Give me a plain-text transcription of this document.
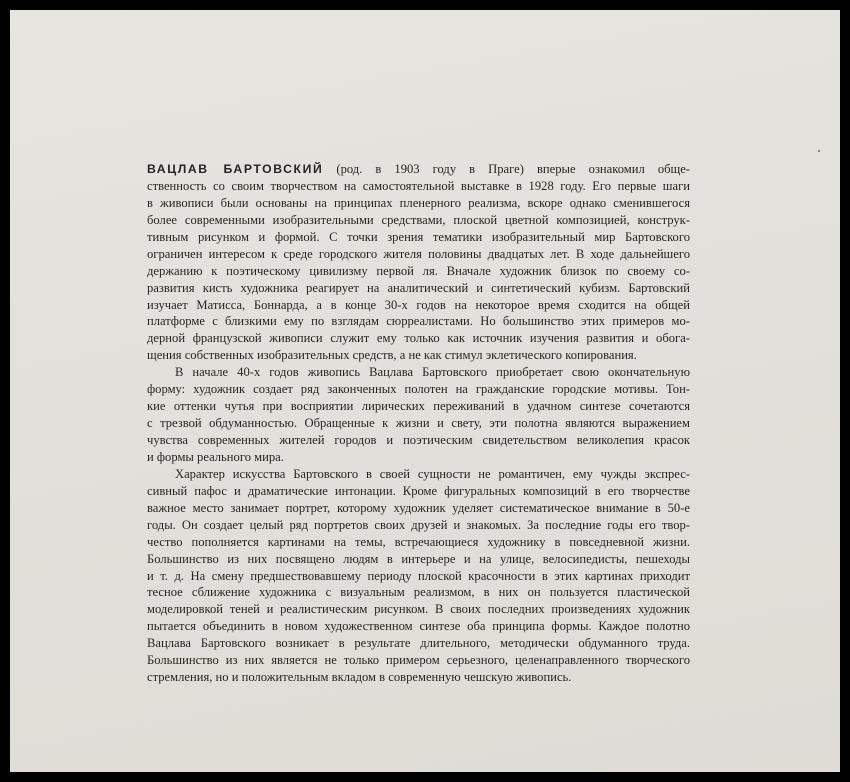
ВАЦЛАВ БАРТОВСКИЙ (род. в 1903 году в Праге) вперые ознакомил обще-
ственность со своим творчеством на самостоятельной выставке в 1928 году. Его первые шаги
в живописи были основаны на принципах пленерного реализма, вскоре однако сменившегося
более современными изобразительными средствами, плоской цветной композицией, конструк-
тивным рисунком и формой. С точки зрения тематики изобразительный мир Бартовского
ограничен интересом к среде городского жителя половины двадцатых лет. В ходе дальнейшего
держанию к поэтическому цивилизму первой ля. Вначале художник близок по своему со-
развития кисть художника реагирует на аналитический и синтетический кубизм. Бартовский
изучает Матисса, Боннарда, а в конце 30-х годов на некоторое время сходится на общей
платформе с близкими ему по взглядам сюрреалистами. Но большинство этих примеров мо-
дерной французской живописи служит ему только как источник изучения развития и обога-
щения собственных изобразительных средств, а не как стимул эклетического копирования.
В начале 40-х годов живопись Вацлава Бартовского приобретает свою окончательную
форму: художник создает ряд законченных полотен на гражданские городские мотивы. Тон-
кие оттенки чутья при восприятии лирических переживаний в удачном синтезе сочетаются
с трезвой обдуманностью. Обращенные к жизни и свету, эти полотна являются выражением
чувства современных жителей городов и поэтическим свидетельством великолепия красок
и формы реального мира.
Характер искусства Бартовского в своей сущности не романтичен, ему чужды экспрес-
сивный пафос и драматические интонации. Кроме фигуральных композиций в его творчестве
важное место занимает портрет, которому художник уделяет систематическое внимание в 50-е
годы. Он создает целый ряд портретов своих друзей и знакомых. За последние годы его твор-
чество пополняется картинами на темы, встречающиеся художнику в повседневной жизни.
Большинство из них посвящено людям в интерьере и на улице, велосипедисты, пешеходы
и т. д. На смену предшествовавшему периоду плоской красочности в этих картинах приходит
тесное сближение художника с визуальным реализмом, в них он пользуется пластической
моделировкой теней и реалистическим рисунком. В своих последних произведениях художник
пытается объединить в новом художественном синтезе оба принципа формы. Каждое полотно
Вацлава Бартовского возникает в результате длительного, методически обдуманного труда.
Большинство из них является не только примером серьезного, целенаправленного творческого
стремления, но и положительным вкладом в современную чешскую живопись.
